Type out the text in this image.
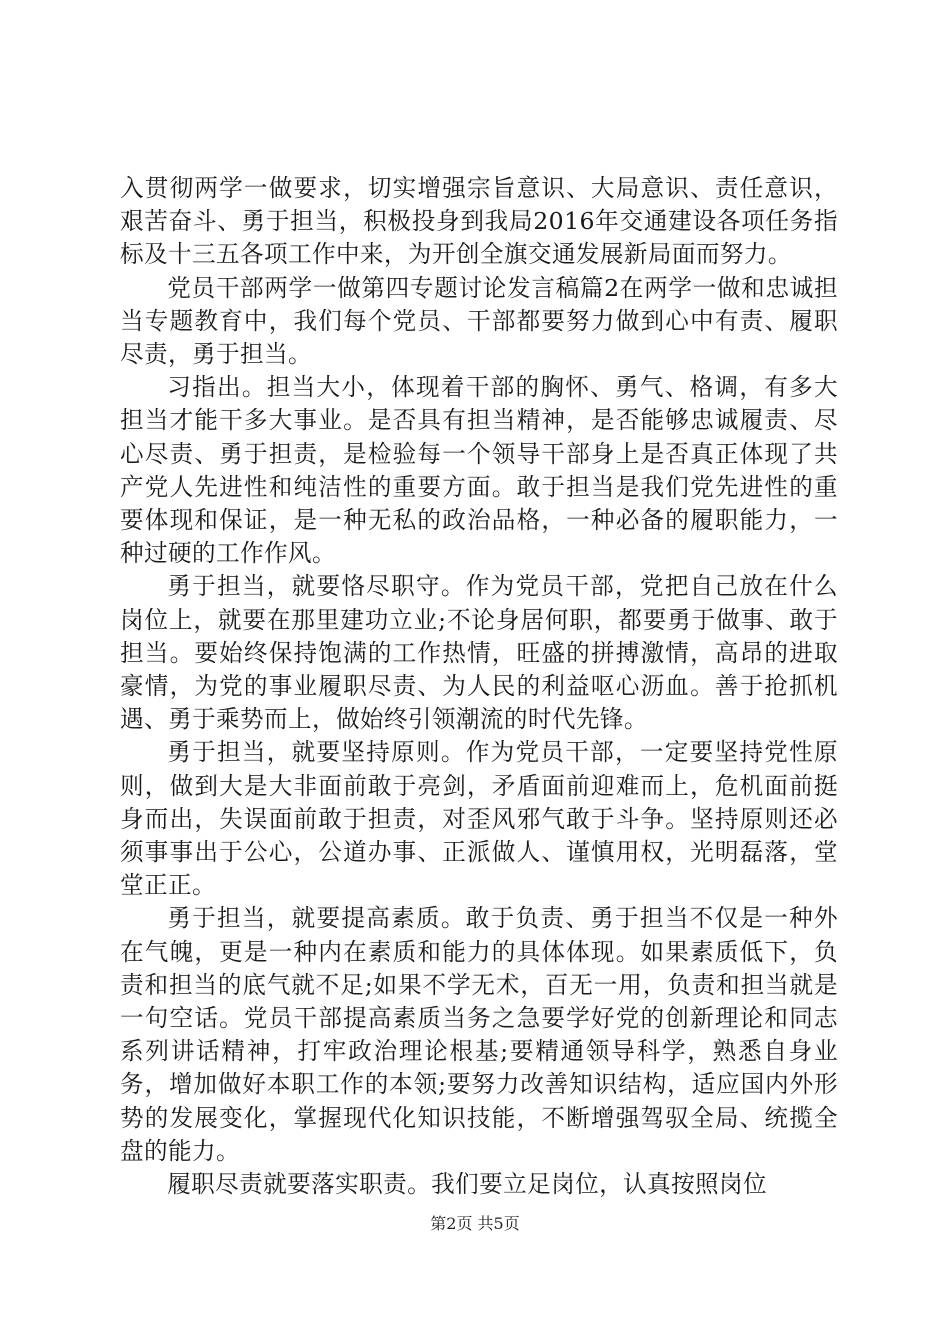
入贯彻两学一做要求，切实增强宗旨意识、大局意识、责任意识，艰苦奋斗、勇于担当，积极投身到我局2016年交通建设各项任务指标及十三五各项工作中来，为开创全旗交通发展新局面而努力。

党员干部两学一做第四专题讨论发言稿篇2在两学一做和忠诚担当专题教育中，我们每个党员、干部都要努力做到心中有责、履职尽责，勇于担当。

习指出。担当大小，体现着干部的胸怀、勇气、格调，有多大担当才能干多大事业。是否具有担当精神，是否能够忠诚履责、尽心尽责、勇于担责，是检验每一个领导干部身上是否真正体现了共产党人先进性和纯洁性的重要方面。敢于担当是我们党先进性的重要体现和保证，是一种无私的政治品格，一种必备的履职能力，一种过硬的工作作风。

勇于担当，就要恪尽职守。作为党员干部，党把自己放在什么岗位上，就要在那里建功立业;不论身居何职，都要勇于做事、敢于担当。要始终保持饱满的工作热情，旺盛的拼搏激情，高昂的进取豪情，为党的事业履职尽责、为人民的利益呕心沥血。善于抢抓机遇、勇于乘势而上，做始终引领潮流的时代先锋。

勇于担当，就要坚持原则。作为党员干部，一定要坚持党性原则，做到大是大非面前敢于亮剑，矛盾面前迎难而上，危机面前挺身而出，失误面前敢于担责，对歪风邪气敢于斗争。坚持原则还必须事事出于公心，公道办事、正派做人、谨慎用权，光明磊落，堂堂正正。

勇于担当，就要提高素质。敢于负责、勇于担当不仅是一种外在气魄，更是一种内在素质和能力的具体体现。如果素质低下，负责和担当的底气就不足;如果不学无术，百无一用，负责和担当就是一句空话。党员干部提高素质当务之急要学好党的创新理论和同志系列讲话精神，打牢政治理论根基;要精通领导科学，熟悉自身业务，增加做好本职工作的本领;要努力改善知识结构，适应国内外形势的发展变化，掌握现代化知识技能，不断增强驾驭全局、统揽全盘的能力。

履职尽责就要落实职责。我们要立足岗位，认真按照岗位

第2页 共5页
